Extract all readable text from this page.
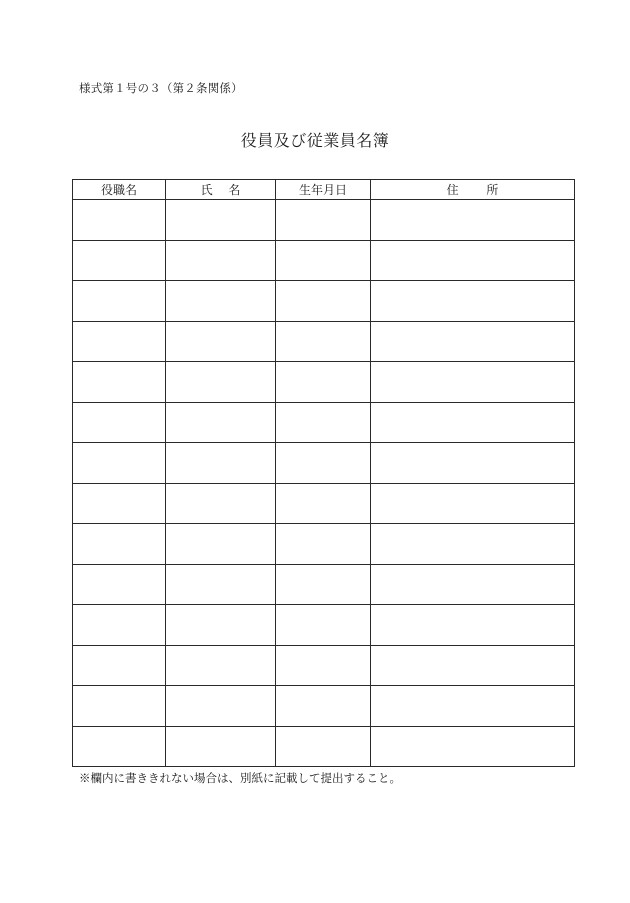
様式第１号の３（第２条関係）
役員及び従業員名簿
役職名	氏　 名	生年月日	住　　 所

※欄内に書ききれない場合は、別紙に記載して提出すること。
